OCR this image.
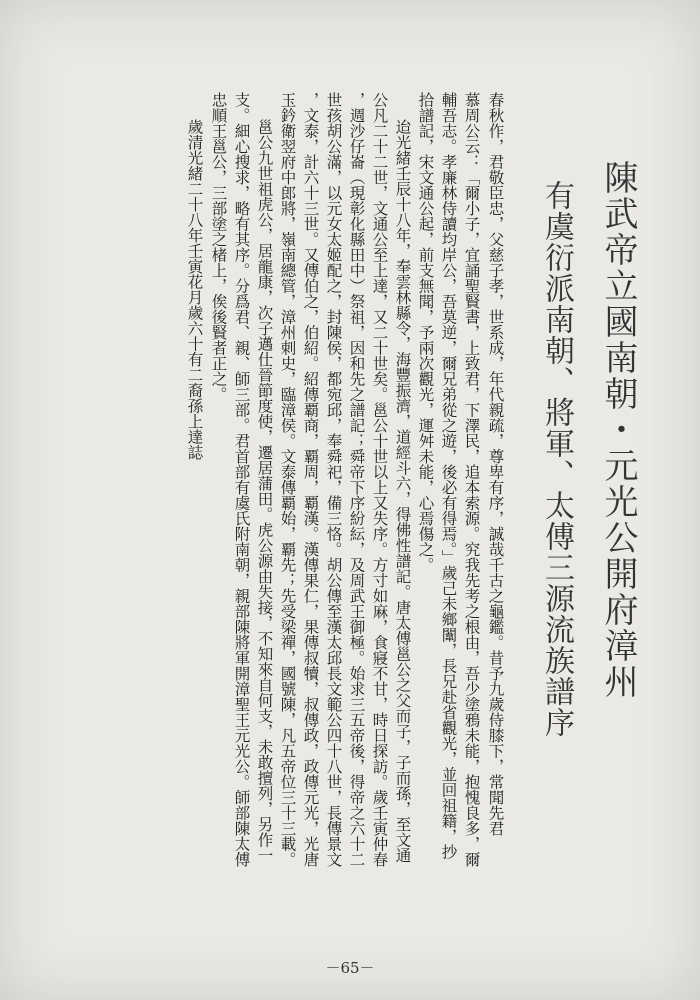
陳武帝立國南朝・元光公開府漳州
有虞衍派南朝、將軍、太傅三源流族譜序
春秋作，君敬臣忠，父慈子孝，世系成，年代親疏，尊卑有序，誠哉千古之龜鑑。昔予九歲侍膝下，常聞先君
慕周公云：「爾小子，宜誦聖賢書，上致君，下澤民，追本索源。究我先考之根由，吾少塗鴉未能，抱愧良多，爾
輔吾志。孝廉林侍讀均岸公，吾莫逆，爾兄弟從之遊，後必有得焉。」歲己未鄉闈，長兄赴省觀光，並回祖籍，抄
拾譜記，宋文通公起，前支無聞，予兩次觀光，運舛未能，心焉傷之。
迨光緒壬辰十八年，奉雲林縣令，海豐振濟，道經斗六，得佛性譜記。唐太傅邕公之父而子，子而孫，至文通
公凡二十二世，文通公至上達，又二十世矣。邕公十世以上又失序。方寸如麻，食寢不甘，時日探訪。歲壬寅仲春
，週沙仔崙（現彰化縣田中）祭祖，因和先之譜記；舜帝下序紛紜，及周武王御極。始求三五帝後，得帝之六十二
世孩胡公滿，以元女太姬配之，封陳侯，都宛邱，奉舜祀，備三恪。胡公傳至漢太邱長文範公四十八世，長傳景文
，文泰，計六十三世。又傳伯之，伯紹。紹傳覇商，覇周，覇漢。漢傳果仁，果傳叔犢，叔傳政，政傳元光，光唐
玉鈐衛翌府中郎將，嶺南總管，漳州刺史，臨漳侯。文泰傳覇始，覇先；先受梁禪，國號陳，凡五帝位三十三載。
邕公九世祖虎公，居龍康，次子邁仕晉節度使，遷居蒲田。虎公源由失接，不知來自何支，未敢擅列，另作一
支。細心搜求，略有其序。分爲君、親、師三部。君首部有虞氏附南朝，親部陳將軍開漳聖王元光公。師部陳太傅
忠順王邕公，三部塗之楮上，俟後賢者正之。
歲清光緒二十八年壬寅花月歲六十有二裔孫上達誌
－65－
